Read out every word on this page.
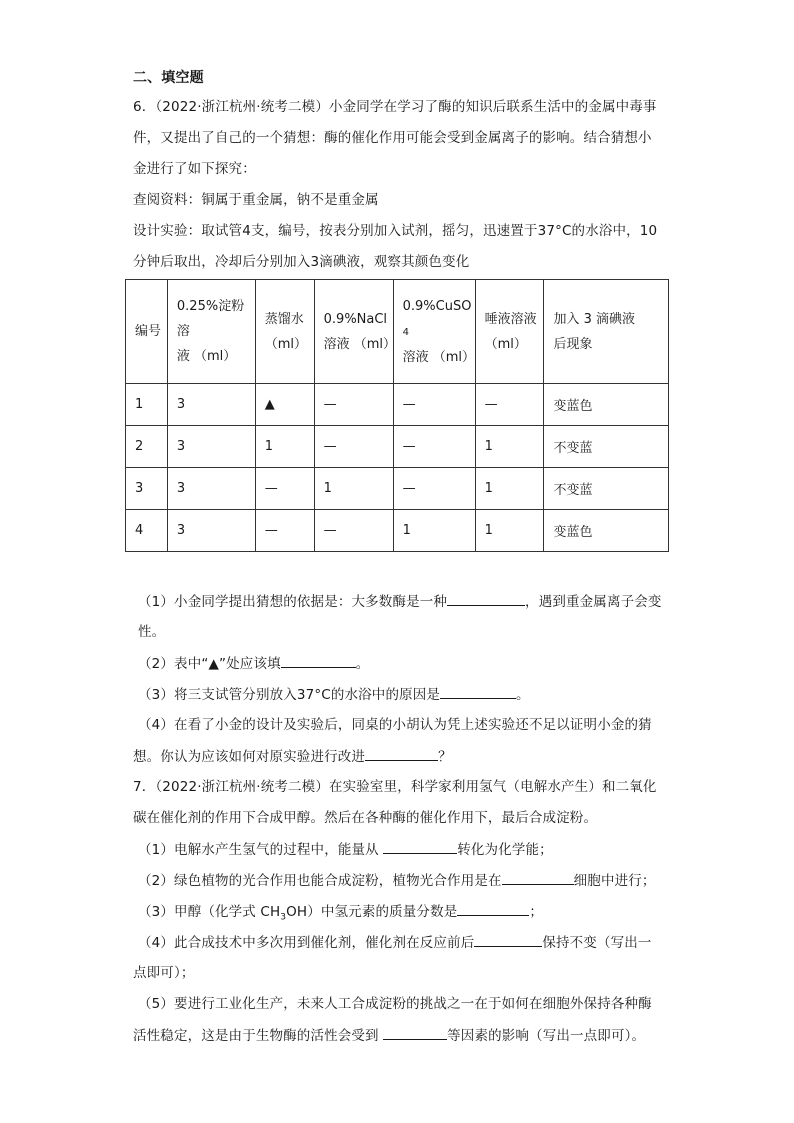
二、填空题
6．（2022·浙江杭州·统考二模）小金同学在学习了酶的知识后联系生活中的金属中毒事
件，又提出了自己的一个猜想：酶的催化作用可能会受到金属离子的影响。结合猜想小
金进行了如下探究：
查阅资料：铜属于重金属，钠不是重金属
设计实验：取试管4支，编号，按表分别加入试剂，摇匀，迅速置于37°C的水浴中，10
分钟后取出，冷却后分别加入3滴碘液，观察其颜色变化
编号	0.25%淀粉
溶
液 （ml）	蒸馏水
（ml）	0.9%NaCl
溶液 （ml）	0.9%CuSO
4
溶液 （ml）	唾液溶液
（ml）	加入 3 滴碘液
后现象
1	3	▲	—	—	—	变蓝色
2	3	1	—	—	1	不变蓝
3	3	—	1	—	1	不变蓝
4	3	—	—	1	1	变蓝色
（1）小金同学提出猜想的依据是：大多数酶是一种	，遇到重金属离子会变
性。
（2）表中“▲”处应该填	。
（3）将三支试管分别放入37°C的水浴中的原因是	。
（4）在看了小金的设计及实验后，同桌的小胡认为凭上述实验还不足以证明小金的猜
想。你认为应该如何对原实验进行改进	？
7．（2022·浙江杭州·统考二模）在实验室里，科学家利用氢气（电解水产生）和二氧化
碳在催化剂的作用下合成甲醇。然后在各种酶的催化作用下，最后合成淀粉。
（1）电解水产生氢气的过程中，能量从	转化为化学能；
（2）绿色植物的光合作用也能合成淀粉，植物光合作用是在	细胞中进行；
（3）甲醇（化学式 $CH_3OH$）中氢元素的质量分数是	；
（4）此合成技术中多次用到催化剂，催化剂在反应前后	保持不变（写出一
点即可）；
（5）要进行工业化生产，未来人工合成淀粉的挑战之一在于如何在细胞外保持各种酶
活性稳定，这是由于生物酶的活性会受到	等因素的影响（写出一点即可）。
